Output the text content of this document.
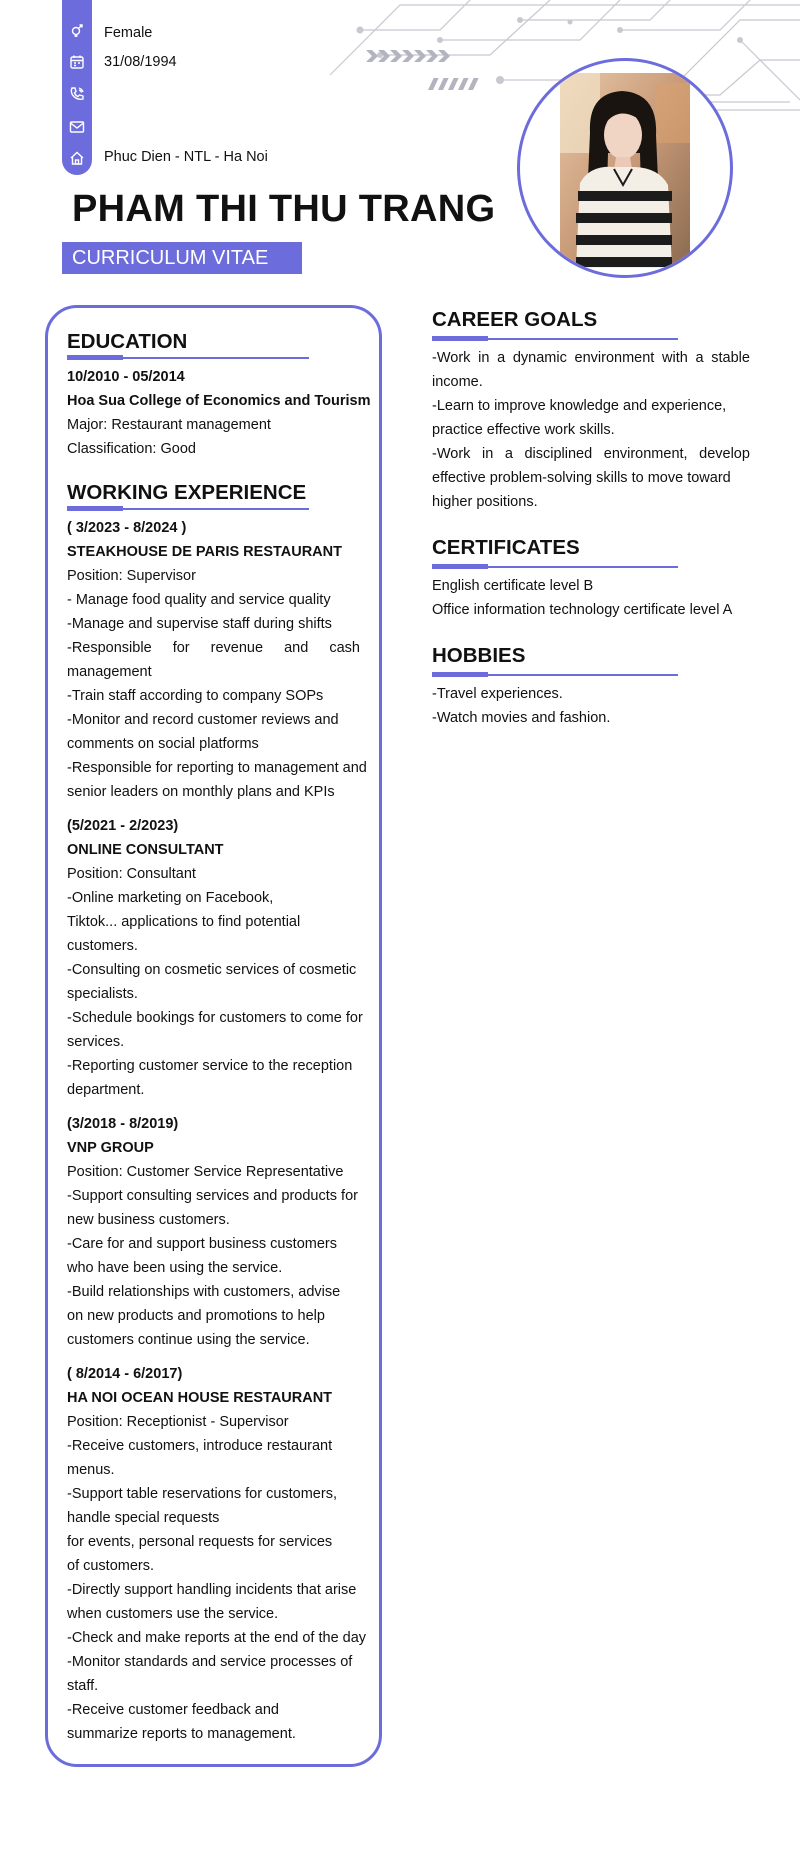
Female
31/08/1994
Phuc Dien - NTL - Ha Noi
PHAM THI THU TRANG
CURRICULUM VITAE
EDUCATION
10/2010 - 05/2014
Hoa Sua College of Economics and Tourism
Major: Restaurant management
Classification: Good
WORKING EXPERIENCE
( 3/2023 - 8/2024 )
STEAKHOUSE DE PARIS RESTAURANT
Position: Supervisor
- Manage food quality and service quality
-Manage and supervise staff during shifts
-Responsible for revenue and cash
management
-Train staff according to company SOPs
-Monitor and record customer reviews and
comments on social platforms
-Responsible for reporting to management and
senior leaders on monthly plans and KPIs
(5/2021 - 2/2023)
ONLINE CONSULTANT
Position: Consultant
-Online marketing on Facebook,
Tiktok... applications to find potential
customers.
-Consulting on cosmetic services of cosmetic
specialists.
-Schedule bookings for customers to come for
services.
-Reporting customer service to the reception
department.
(3/2018 - 8/2019)
VNP GROUP
Position: Customer Service Representative
-Support consulting services and products for
new business customers.
-Care for and support business customers
who have been using the service.
-Build relationships with customers, advise
on new products and promotions to help
customers continue using the service.
( 8/2014 - 6/2017)
HA NOI OCEAN HOUSE RESTAURANT
Position: Receptionist - Supervisor
-Receive customers, introduce restaurant
menus.
-Support table reservations for customers,
handle special requests
for events, personal requests for services
of customers.
-Directly support handling incidents that arise
when customers use the service.
-Check and make reports at the end of the day
-Monitor standards and service processes of
staff.
-Receive customer feedback and
summarize reports to management.
CAREER GOALS
-Work in a dynamic environment with a stable
income.
-Learn to improve knowledge and experience,
practice effective work skills.
-Work in a disciplined environment, develop
effective problem-solving skills to move toward
higher positions.
CERTIFICATES
English certificate level B
Office information technology certificate level A
HOBBIES
-Travel experiences.
-Watch movies and fashion.
